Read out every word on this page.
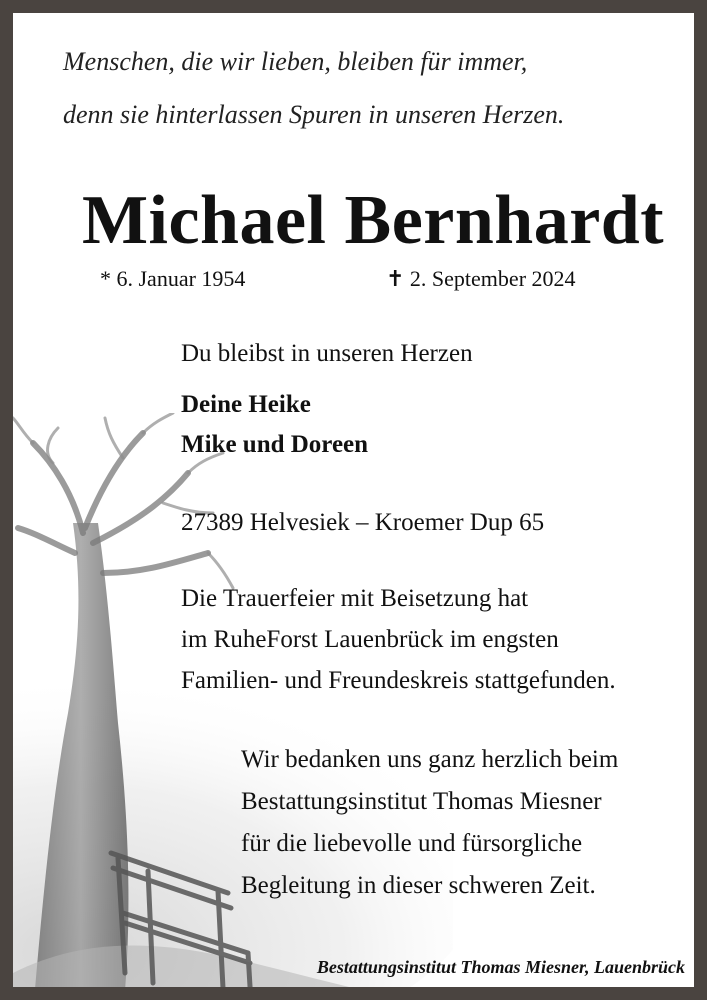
Menschen, die wir lieben, bleiben für immer,

denn sie hinterlassen Spuren in unseren Herzen.

Michael Bernhardt
* 6. Januar 1954	✝ 2. September 2024

Du bleibst in unseren Herzen

Deine Heike

Mike und Doreen

27389 Helvesiek – Kroemer Dup 65

Die Trauerfeier mit Beisetzung hat
im RuheForst Lauenbrück im engsten
Familien- und Freundeskreis stattgefunden.

Wir bedanken uns ganz herzlich beim
Bestattungsinstitut Thomas Miesner
für die liebevolle und fürsorgliche
Begleitung in dieser schweren Zeit.

Bestattungsinstitut Thomas Miesner, Lauenbrück
